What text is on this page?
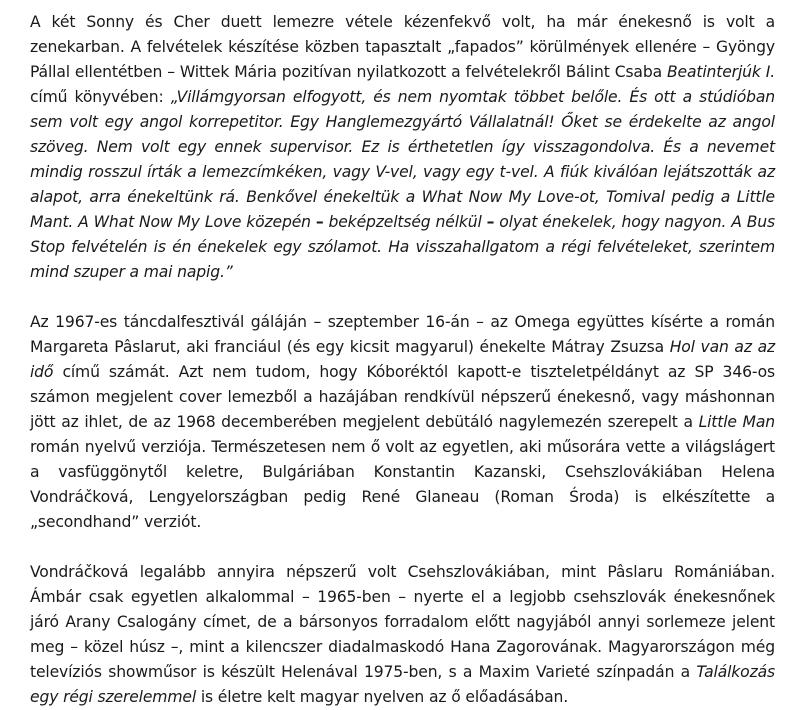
A két Sonny és Cher duett lemezre vétele kézenfekvő volt, ha már énekesnő is volt a zenekarban. A felvételek készítése közben tapasztalt „fapados” körülmények ellenére – Gyöngy Pállal ellentétben – Wittek Mária pozitívan nyilatkozott a felvételekről Bálint Csaba Beatinterjúk I. című könyvében: „Villámgyorsan elfogyott, és nem nyomtak többet belőle. És ott a stúdióban sem volt egy angol korrepetitor. Egy Hanglemezgyártó Vállalatnál! Őket se érdekelte az angol szöveg. Nem volt egy ennek supervisor. Ez is érthetetlen így visszagondolva. És a nevemet mindig rosszul írták a lemezcímkéken, vagy V-vel, vagy egy t-vel. A fiúk kiválóan lejátszották az alapot, arra énekeltünk rá. Benkővel énekeltük a What Now My Love-ot, Tomival pedig a Little Mant. A What Now My Love közepén – beképzeltség nélkül – olyat énekelek, hogy nagyon. A Bus Stop felvételén is én énekelek egy szólamot. Ha visszahallgatom a régi felvételeket, szerintem mind szuper a mai napig.”

Az 1967-es táncdalfesztivál gáláján – szeptember 16-án – az Omega együttes kísérte a román Margareta Pâslarut, aki franciául (és egy kicsit magyarul) énekelte Mátray Zsuzsa Hol van az az idő című számát. Azt nem tudom, hogy Kóboréktól kapott-e tiszteletpéldányt az SP 346-os számon megjelent cover lemezből a hazájában rendkívül népszerű énekesnő, vagy máshonnan jött az ihlet, de az 1968 decemberében megjelent debütáló nagylemezén szerepelt a Little Man román nyelvű verziója. Természetesen nem ő volt az egyetlen, aki műsorára vette a világslágert a vasfüggönytől keletre, Bulgáriában Konstantin Kazanski, Csehszlovákiában Helena Vondráčková, Lengyelországban pedig René Glaneau (Roman Środa) is elkészítette a „secondhand” verziót.

Vondráčková legalább annyira népszerű volt Csehszlovákiában, mint Pâslaru Romániában. Ámbár csak egyetlen alkalommal – 1965-ben – nyerte el a legjobb csehszlovák énekesnőnek járó Arany Csalogány címet, de a bársonyos forradalom előtt nagyjából annyi sorlemeze jelent meg – közel húsz –, mint a kilencszer diadalmaskodó Hana Zagorovának. Magyarországon még televíziós showműsor is készült Helenával 1975-ben, s a Maxim Varieté színpadán a Találkozás egy régi szerelemmel is életre kelt magyar nyelven az ő előadásában.
